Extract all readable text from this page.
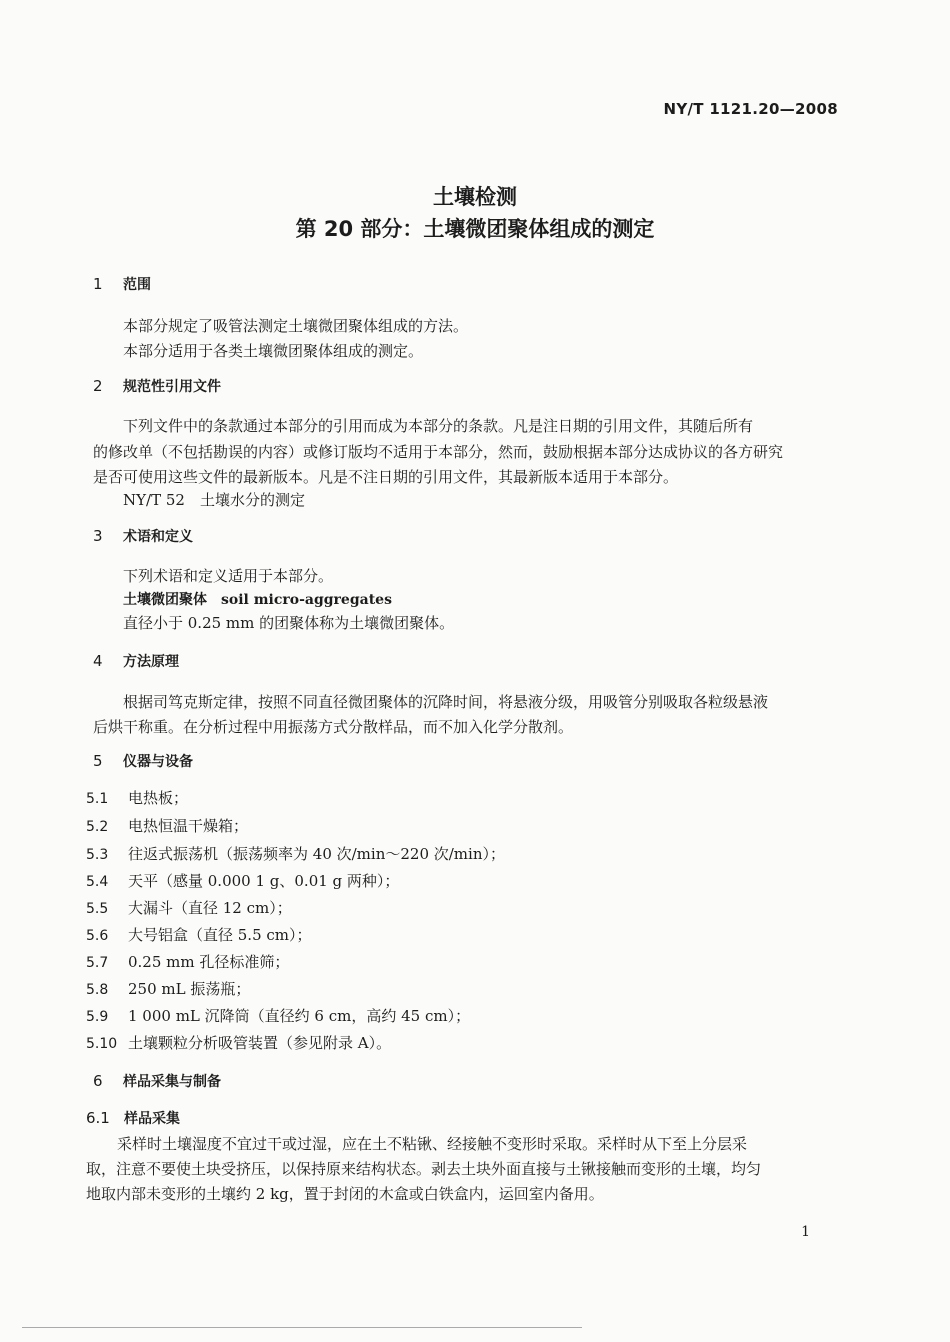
NY/T 1121.20—2008
土壤检测
第 20 部分：土壤微团聚体组成的测定
1 范围
本部分规定了吸管法测定土壤微团聚体组成的方法。
本部分适用于各类土壤微团聚体组成的测定。
2 规范性引用文件
下列文件中的条款通过本部分的引用而成为本部分的条款。凡是注日期的引用文件，其随后所有
的修改单（不包括勘误的内容）或修订版均不适用于本部分，然而，鼓励根据本部分达成协议的各方研究
是否可使用这些文件的最新版本。凡是不注日期的引用文件，其最新版本适用于本部分。
NY/T 52　土壤水分的测定
3 术语和定义
下列术语和定义适用于本部分。
土壤微团聚体 soil micro-aggregates
直径小于 0.25 mm 的团聚体称为土壤微团聚体。
4 方法原理
根据司笃克斯定律，按照不同直径微团聚体的沉降时间，将悬液分级，用吸管分别吸取各粒级悬液
后烘干称重。在分析过程中用振荡方式分散样品，而不加入化学分散剂。
5 仪器与设备
5.1 电热板；
5.2 电热恒温干燥箱；
5.3 往返式振荡机（振荡频率为 40 次/min～220 次/min）；
5.4 天平（感量 0.000 1 g、0.01 g 两种）；
5.5 大漏斗（直径 12 cm）；
5.6 大号铝盒（直径 5.5 cm）；
5.7 0.25 mm 孔径标准筛；
5.8 250 mL 振荡瓶；
5.9 1 000 mL 沉降筒（直径约 6 cm，高约 45 cm）；
5.10 土壤颗粒分析吸管装置（参见附录 A）。
6 样品采集与制备
6.1 样品采集
采样时土壤湿度不宜过干或过湿，应在土不粘锹、经接触不变形时采取。采样时从下至上分层采
取，注意不要使土块受挤压，以保持原来结构状态。剥去土块外面直接与土锹接触而变形的土壤，均匀
地取内部未变形的土壤约 2 kg，置于封闭的木盒或白铁盒内，运回室内备用。
1
